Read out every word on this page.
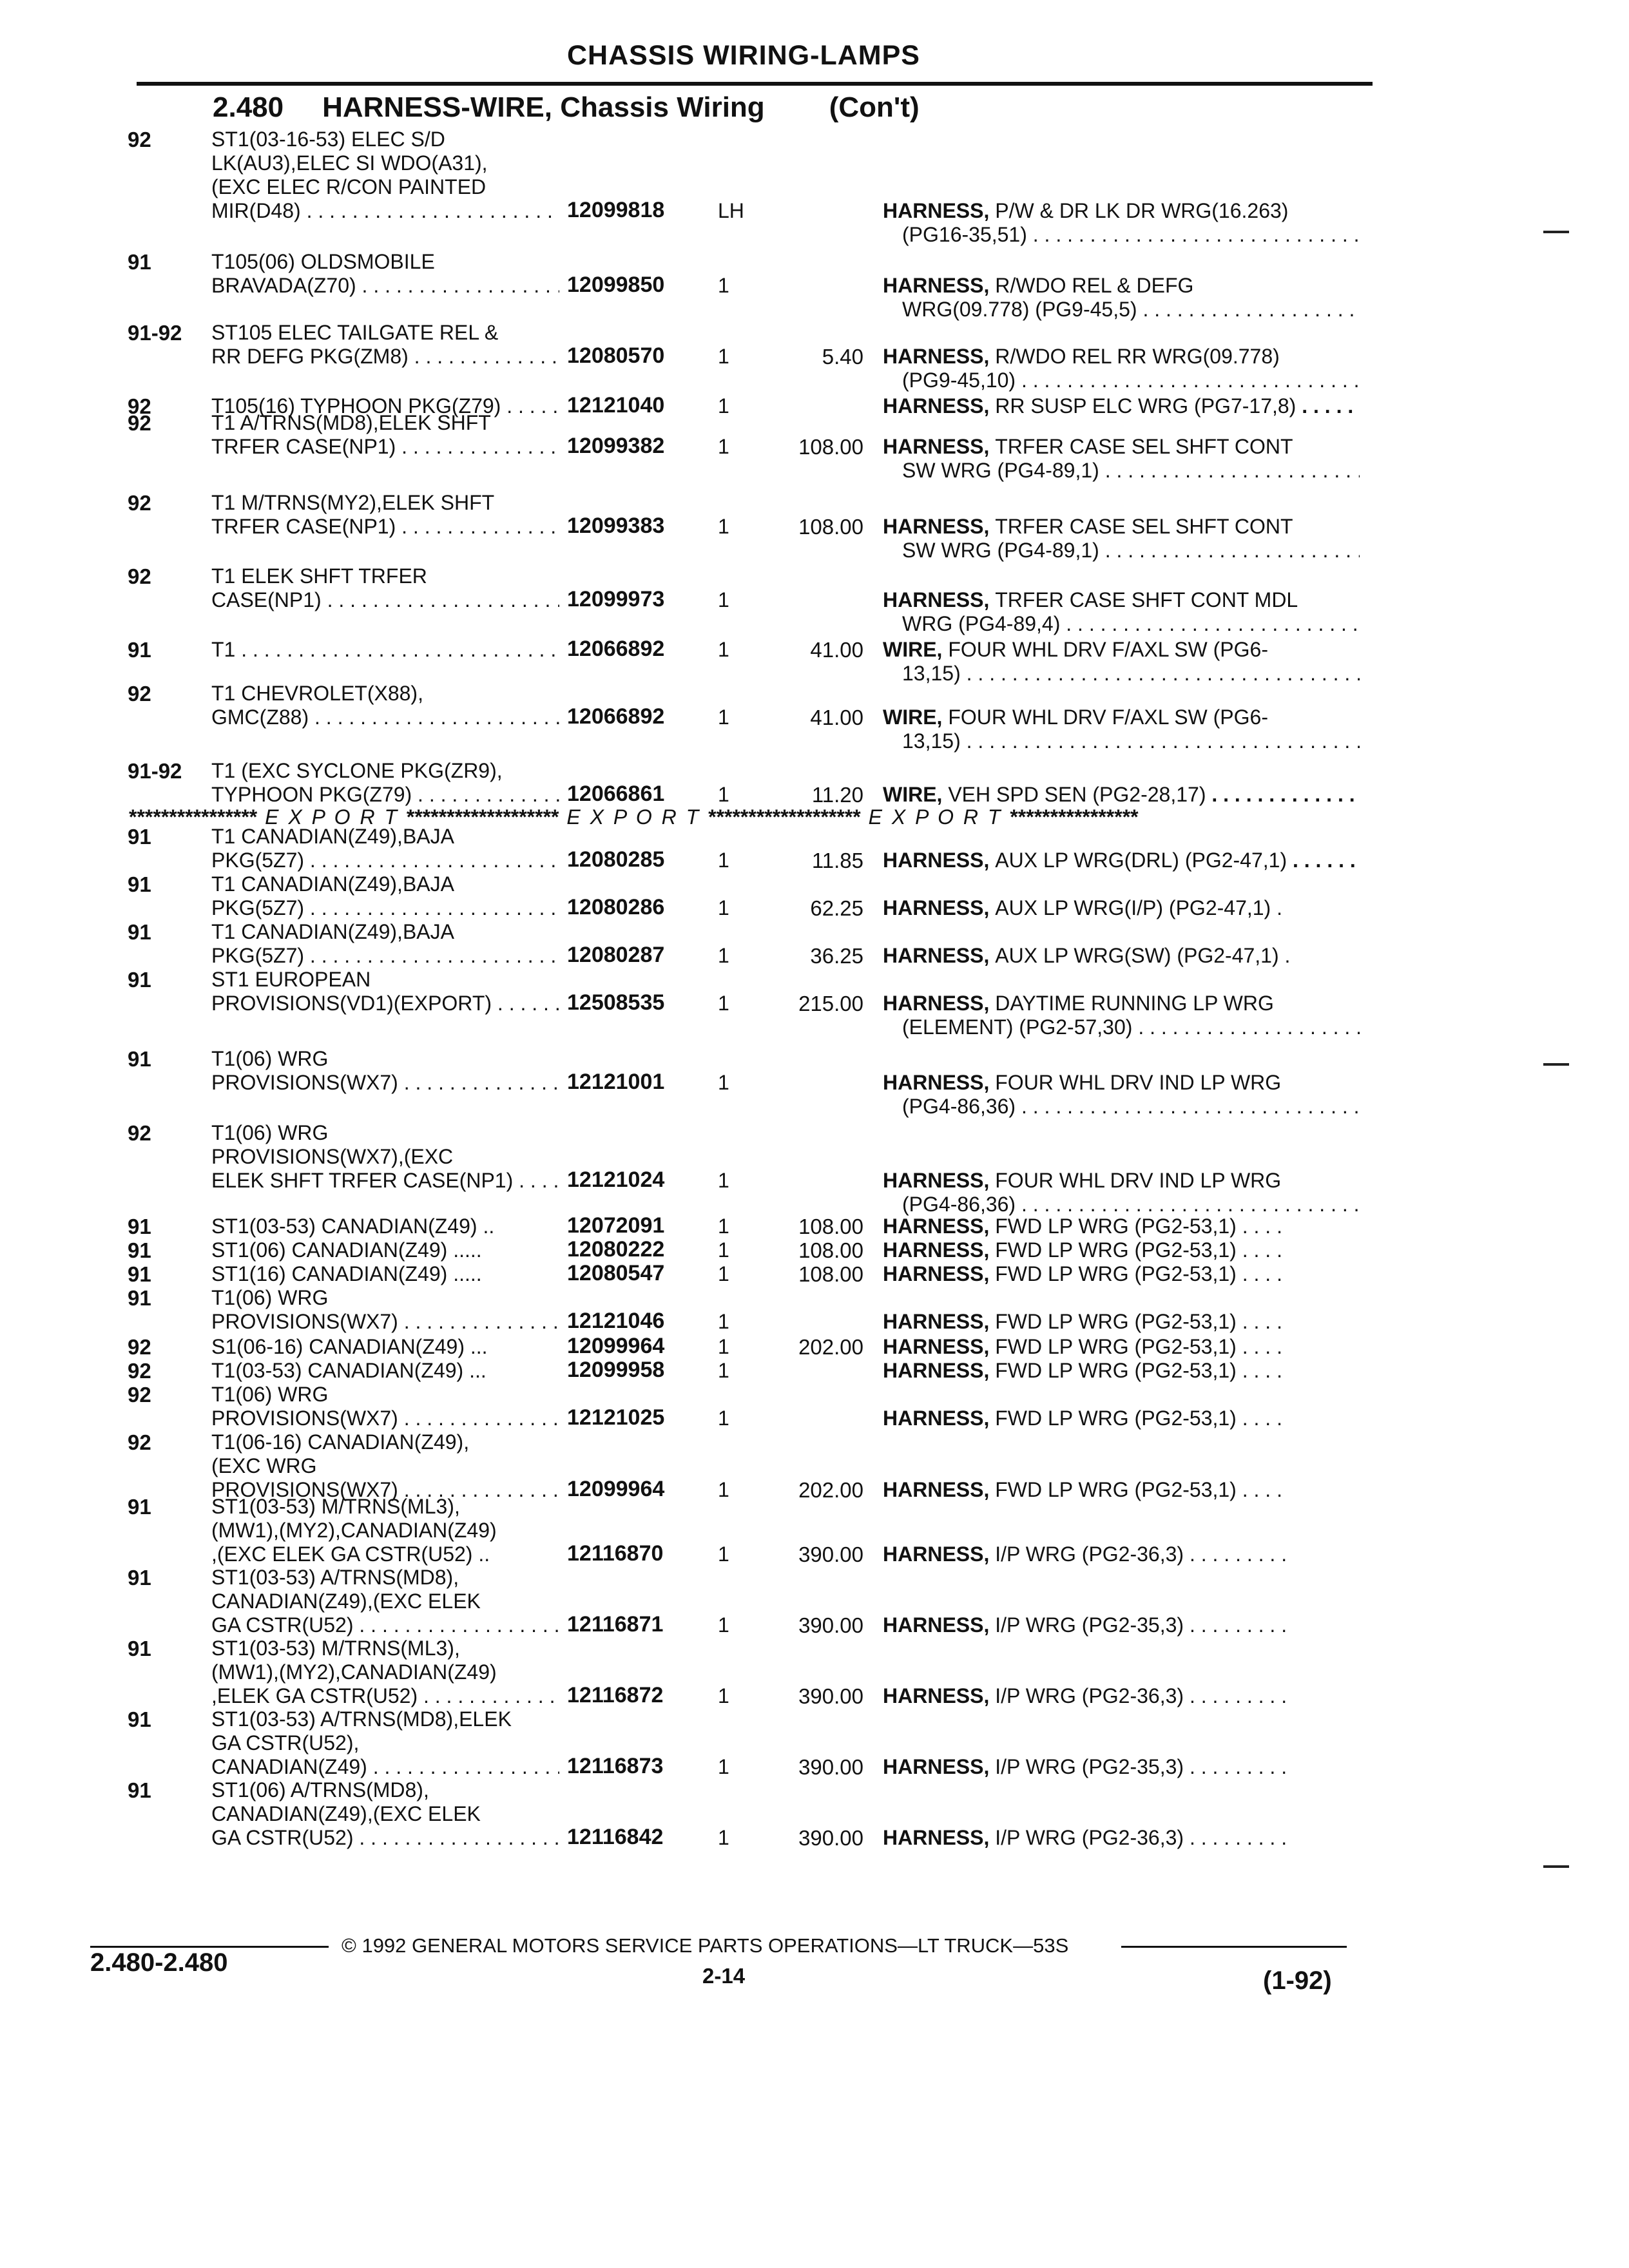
CHASSIS WIRING-LAMPS
2.480 HARNESS-WIRE, Chassis Wiring (Con't)
92	ST1(03-16-53) ELEC S/D
LK(AU3),ELEC SI WDO(A31),
(EXC ELEC R/CON PAINTED
MIR(D48) . . .	12099818	LH	HARNESS, P/W & DR LK DR WRG(16.263)
(PG16-35,51) . . .
91	T105(06) OLDSMOBILE
BRAVADA(Z70) . . .	12099850	1	HARNESS, R/WDO REL & DEFG
WRG(09.778) (PG9-45,5) . . .
91-92 ST105 ELEC TAILGATE REL &
RR DEFG PKG(ZM8) . . .	12080570	1	5.40 HARNESS, R/WDO REL RR WRG(09.778)
(PG9-45,10) . . .
92	T105(16) TYPHOON PKG(Z79) . . .	12121040	1	HARNESS, RR SUSP ELC WRG (PG7-17,8) . . .
92	T1 A/TRNS(MD8),ELEK SHFT
TRFER CASE(NP1) . . .	12099382	1	108.00 HARNESS, TRFER CASE SEL SHFT CONT
SW WRG (PG4-89,1) . . .
92	T1 M/TRNS(MY2),ELEK SHFT
TRFER CASE(NP1) . . .	12099383	1	108.00 HARNESS, TRFER CASE SEL SHFT CONT
SW WRG (PG4-89,1) . . .
92	T1 ELEK SHFT TRFER
CASE(NP1) . . .	12099973	1	HARNESS, TRFER CASE SHFT CONT MDL
WRG (PG4-89,4) . . .
91	T1 . . .	12066892	1	41.00 WIRE, FOUR WHL DRV F/AXL SW (PG6-
13,15) . . .
92	T1 CHEVROLET(X88),
GMC(Z88) . . .	12066892	1	41.00 WIRE, FOUR WHL DRV F/AXL SW (PG6-
13,15) . . .
91-92 T1 (EXC SYCLONE PKG(ZR9),
TYPHOON PKG(Z79) . . .	12066861	1	11.20 WIRE, VEH SPD SEN (PG2-28,17) . . .
91	T1 CANADIAN(Z49),BAJA
PKG(5Z7) . . .	12080285	1	11.85 HARNESS, AUX LP WRG(DRL) (PG2-47,1) . . .
91	T1 CANADIAN(Z49),BAJA
PKG(5Z7) . . .	12080286	1	62.25 HARNESS, AUX LP WRG(I/P) (PG2-47,1) .
91	T1 CANADIAN(Z49),BAJA
PKG(5Z7) . . .	12080287	1	36.25 HARNESS, AUX LP WRG(SW) (PG2-47,1) .
91	ST1 EUROPEAN
PROVISIONS(VD1)(EXPORT) . . . .	12508535	1	215.00 HARNESS, DAYTIME RUNNING LP WRG
(ELEMENT) (PG2-57,30) . . .
91	T1(06) WRG
PROVISIONS(WX7) . . .	12121001	1	HARNESS, FOUR WHL DRV IND LP WRG
(PG4-86,36) . . .
92	T1(06) WRG
PROVISIONS(WX7),(EXC
ELEK SHFT TRFER CASE(NP1) . . .	12121024	1	HARNESS, FOUR WHL DRV IND LP WRG
(PG4-86,36) . . .
91	ST1(03-53) CANADIAN(Z49) ..	12072091	1	108.00 HARNESS, FWD LP WRG (PG2-53,1) . . . .
91	ST1(06) CANADIAN(Z49) .....	12080222	1	108.00 HARNESS, FWD LP WRG (PG2-53,1) . . . .
91	ST1(16) CANADIAN(Z49) .....	12080547	1	108.00 HARNESS, FWD LP WRG (PG2-53,1) . . . .
91	T1(06) WRG
PROVISIONS(WX7) . . .	12121046	1	HARNESS, FWD LP WRG (PG2-53,1) . . . .
92	S1(06-16) CANADIAN(Z49) ...	12099964	1	202.00 HARNESS, FWD LP WRG (PG2-53,1) . . . .
92	T1(03-53) CANADIAN(Z49) ...	12099958	1	HARNESS, FWD LP WRG (PG2-53,1) . . . .
92	T1(06) WRG
PROVISIONS(WX7) . . .	12121025	1	HARNESS, FWD LP WRG (PG2-53,1) . . . .
92	T1(06-16) CANADIAN(Z49),
(EXC WRG
PROVISIONS(WX7) . . .	12099964	1	202.00 HARNESS, FWD LP WRG (PG2-53,1) . . . .
91	ST1(03-53) M/TRNS(ML3),
(MW1),(MY2),CANADIAN(Z49)
,(EXC ELEK GA CSTR(U52) ..	12116870	1	390.00 HARNESS, I/P WRG (PG2-36,3) . . . . . . . . .
91	ST1(03-53) A/TRNS(MD8),
CANADIAN(Z49),(EXC ELEK
GA CSTR(U52) . . .	12116871	1	390.00 HARNESS, I/P WRG (PG2-35,3) . . . . . . . . .
91	ST1(03-53) M/TRNS(ML3),
(MW1),(MY2),CANADIAN(Z49)
,ELEK GA CSTR(U52) . . .	12116872	1	390.00 HARNESS, I/P WRG (PG2-36,3) . . . . . . . . .
91	ST1(03-53) A/TRNS(MD8),ELEK
GA CSTR(U52),
CANADIAN(Z49) . . .	12116873	1	390.00 HARNESS, I/P WRG (PG2-35,3) . . . . . . . . .
91	ST1(06) A/TRNS(MD8),
CANADIAN(Z49),(EXC ELEK
GA CSTR(U52) . . .	12116842	1	390.00 HARNESS, I/P WRG (PG2-36,3) . . . . . . . . .
**************** E X P O R T ******************* E X P O R T ******************* E X P O R T ****************
2.480-2.480
© 1992 GENERAL MOTORS SERVICE PARTS OPERATIONS—LT TRUCK—53S
2-14	(1-92)
